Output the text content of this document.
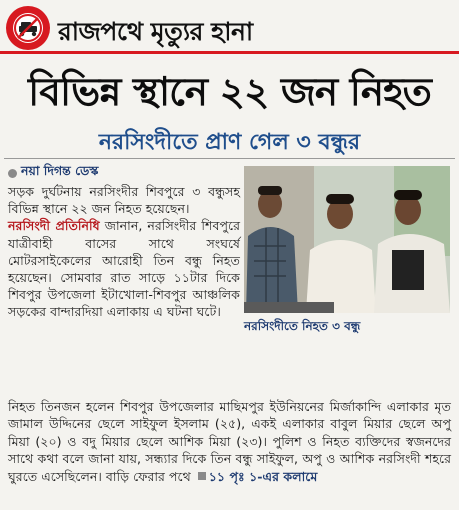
রাজপথে মৃত্যুর হানা
বিভিন্ন স্থানে ২২ জন নিহত
নরসিংদীতে প্রাণ গেল ৩ বন্ধুর
নয়া দিগন্ত ডেস্ক

সড়ক দুর্ঘটনায় নরসিংদীর শিবপুরে ৩ বন্ধুসহ বিভিন্ন স্থানে ২২ জন নিহত হয়েছেন।

নরসিংদী প্রতিনিধি জানান, নরসিংদীর শিবপুরে যাত্রীবাহী বাসের সাথে সংঘর্ষে মোটরসাইকেলের আরোহী তিন বন্ধু নিহত হয়েছেন। সোমবার রাত সাড়ে ১১টার দিকে শিবপুর উপজেলা ইটাখোলা-শিবপুর আঞ্চলিক সড়কের বান্দারদিয়া এলাকায় এ ঘটনা ঘটে।

নরসিংদীতে নিহত ৩ বন্ধু

নিহত তিনজন হলেন শিবপুর উপজেলার মাছিমপুর ইউনিয়নের মির্জাকান্দি এলাকার মৃত জামাল উদ্দিনের ছেলে সাইফুল ইসলাম (২৫), একই এলাকার বাবুল মিয়ার ছেলে অপু মিয়া (২০) ও বদু মিয়ার ছেলে আশিক মিয়া (২৩)। পুলিশ ও নিহত ব্যক্তিদের স্বজনদের সাথে কথা বলে জানা যায়, সন্ধ্যার দিকে তিন বন্ধু সাইফুল, অপু ও আশিক নরসিংদী শহরে ঘুরতে এসেছিলেন। বাড়ি ফেরার পথে ১১ পৃঃ ১-এর কলামে
